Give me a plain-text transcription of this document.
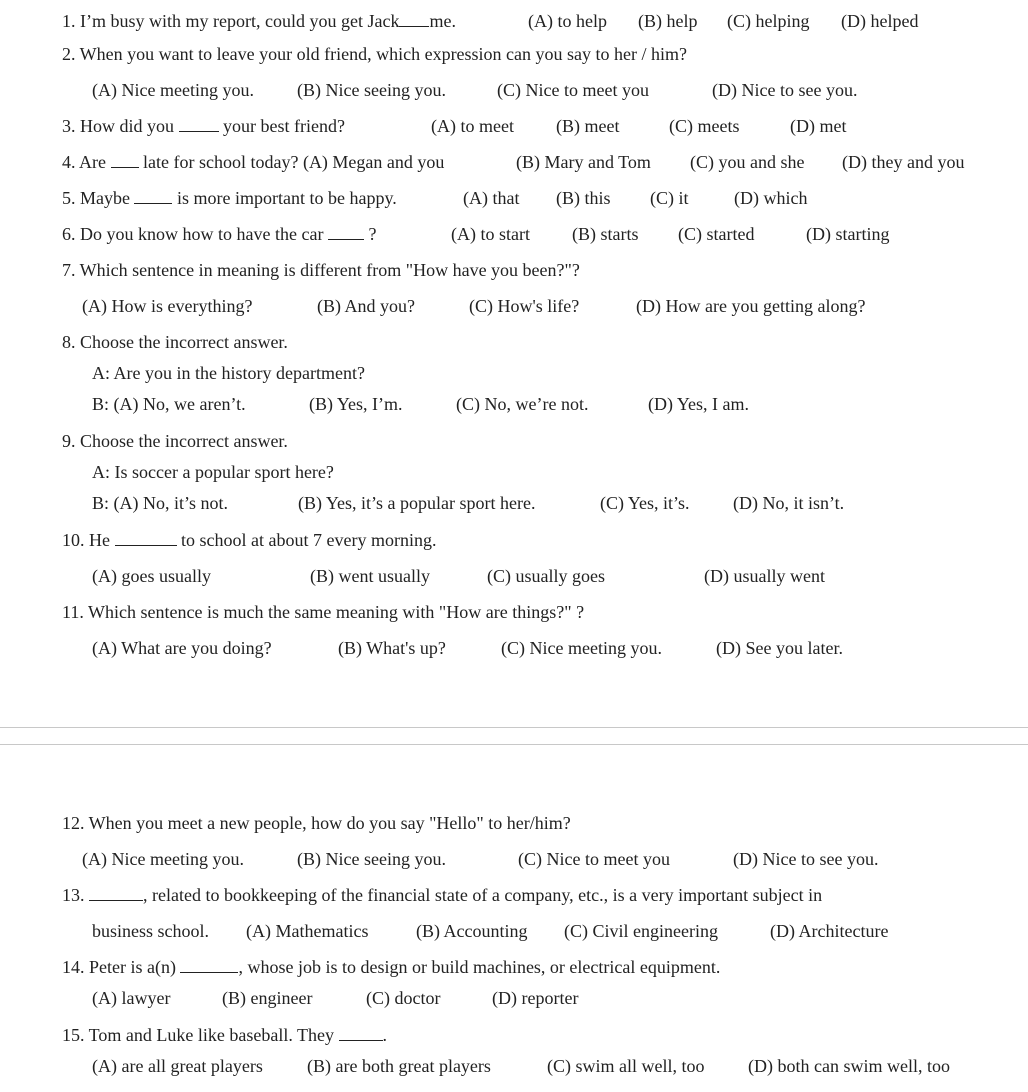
1. I’m busy with my report, could you get Jack me.	(A) to help (B) help (C) helping (D) helped
2. When you want to leave your old friend, which expression can you say to her / him?
(A) Nice meeting you. (B) Nice seeing you.	(C) Nice to meet you	(D) Nice to see you.
3. How did you	your best friend?	(A) to meet (B) meet	(C) meets	(D) met
4. Are late for school today? (A) Megan and you	(B) Mary and Tom (C) you and she (D) they and you
5. Maybe	is more important to be happy.	(A) that (B) this (C) it	(D) which
6. Do you know how to have the car	?	(A) to start (B) starts (C) started	(D) starting
7. Which sentence in meaning is different from "How have you been?"?
(A) How is everything?	(B) And you?	(C) How's life?	(D) How are you getting along?
8. Choose the incorrect answer.
A: Are you in the history department?
B: (A) No, we aren’t.	(B) Yes, I’m.	(C) No, we’re not.	(D) Yes, I am.
9. Choose the incorrect answer.
A: Is soccer a popular sport here?
B: (A) No, it’s not.	(B) Yes, it’s a popular sport here.	(C) Yes, it’s. (D) No, it isn’t.
10. He	to school at about 7 every morning.
(A) goes usually	(B) went usually	(C) usually goes	(D) usually went
11. Which sentence is much the same meaning with "How are things?" ?
(A) What are you doing?	(B) What's up?	(C) Nice meeting you.	(D) See you later.
12. When you meet a new people, how do you say "Hello" to her/him?
(A) Nice meeting you.	(B) Nice seeing you.	(C) Nice to meet you	(D) Nice to see you.
13.	, related to bookkeeping of the financial state of a company, etc., is a very important subject in
business school. (A) Mathematics	(B) Accounting (C) Civil engineering	(D) Architecture
14. Peter is a(n)	, whose job is to design or build machines, or electrical equipment.
(A) lawyer	(B) engineer	(C) doctor	(D) reporter
15. Tom and Luke like baseball. They	.
(A) are all great players (B) are both great players	(C) swim all well, too (D) both can swim well, too
